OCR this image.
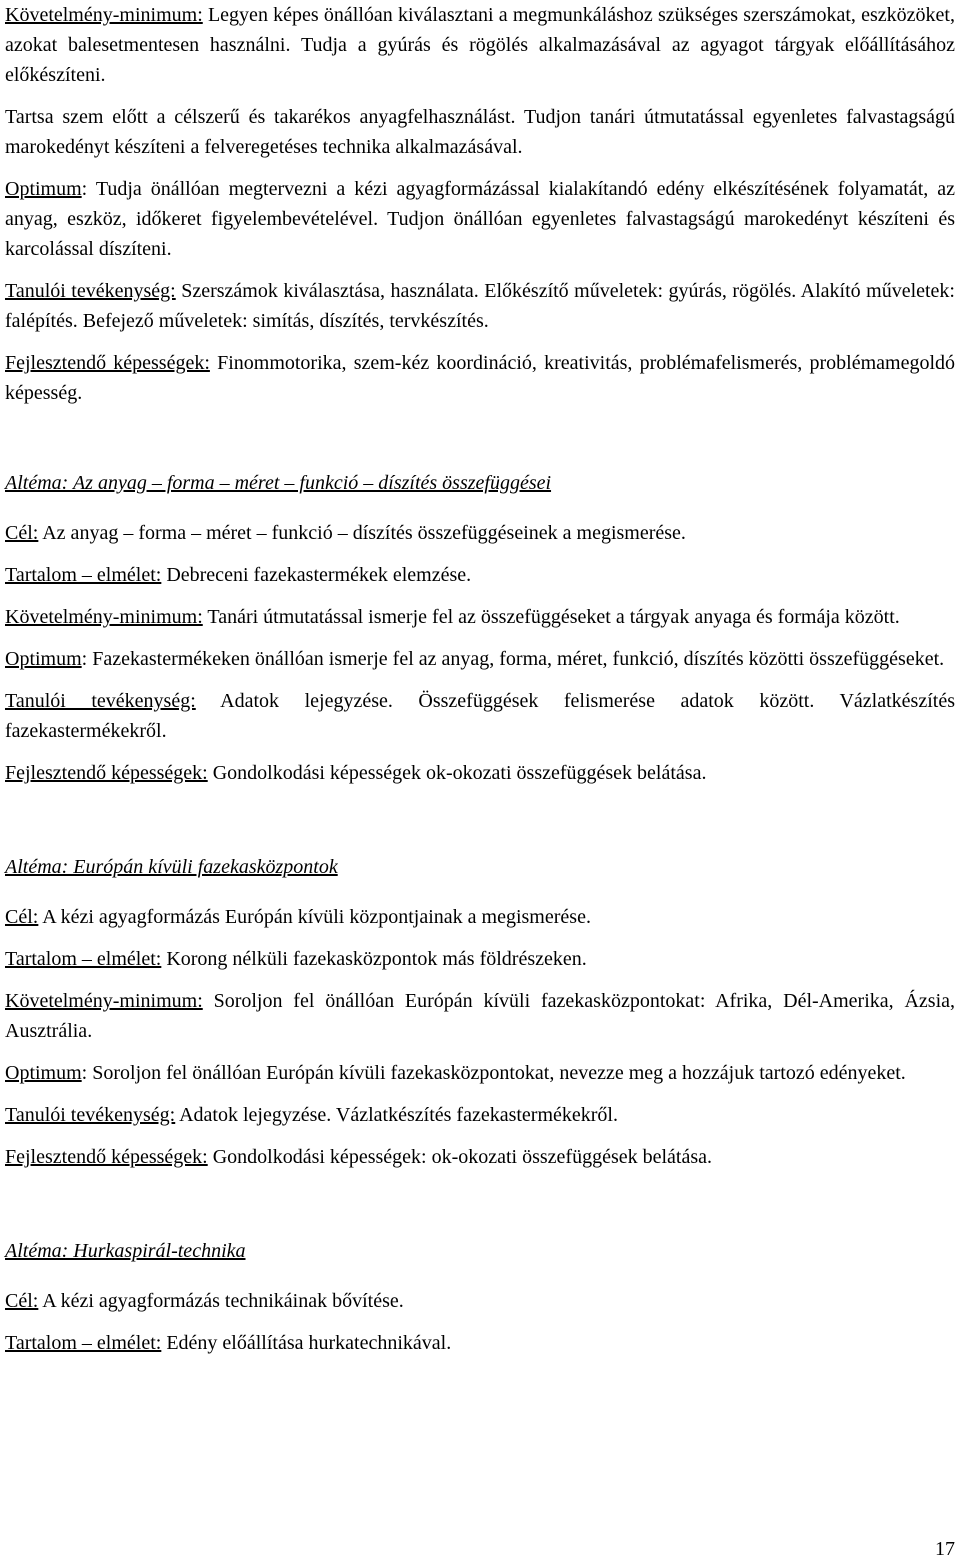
Követelmény-minimum: Legyen képes önállóan kiválasztani a megmunkáláshoz szükséges szerszámokat, eszközöket, azokat balesetmentesen használni. Tudja a gyúrás és rögölés alkalmazásával az agyagot tárgyak előállításához előkészíteni.

Tartsa szem előtt a célszerű és takarékos anyagfelhasználást. Tudjon tanári útmutatással egyenletes falvastagságú marokedényt készíteni a felveregetéses technika alkalmazásával.

Optimum: Tudja önállóan megtervezni a kézi agyagformázással kialakítandó edény elkészítésének folyamatát, az anyag, eszköz, időkeret figyelembevételével. Tudjon önállóan egyenletes falvastagságú marokedényt készíteni és karcolással díszíteni.

Tanulói tevékenység: Szerszámok kiválasztása, használata. Előkészítő műveletek: gyúrás, rögölés. Alakító műveletek: falépítés. Befejező műveletek: simítás, díszítés, tervkészítés.

Fejlesztendő képességek: Finommotorika, szem-kéz koordináció, kreativitás, problémafelismerés, problémamegoldó képesség.

Altéma: Az anyag – forma – méret – funkció – díszítés összefüggései

Cél: Az anyag – forma – méret – funkció – díszítés összefüggéseinek a megismerése.

Tartalom – elmélet: Debreceni fazekastermékek elemzése.

Követelmény-minimum: Tanári útmutatással ismerje fel az összefüggéseket a tárgyak anyaga és formája között.

Optimum: Fazekastermékeken önállóan ismerje fel az anyag, forma, méret, funkció, díszítés közötti összefüggéseket.

Tanulói tevékenység: Adatok lejegyzése. Összefüggések felismerése adatok között. Vázlatkészítés fazekastermékekről.

Fejlesztendő képességek: Gondolkodási képességek ok-okozati összefüggések belátása.

Altéma: Európán kívüli fazekasközpontok

Cél: A kézi agyagformázás Európán kívüli központjainak a megismerése.

Tartalom – elmélet: Korong nélküli fazekasközpontok más földrészeken.

Követelmény-minimum: Soroljon fel önállóan Európán kívüli fazekasközpontokat: Afrika, Dél-Amerika, Ázsia, Ausztrália.

Optimum: Soroljon fel önállóan Európán kívüli fazekasközpontokat, nevezze meg a hozzájuk tartozó edényeket.

Tanulói tevékenység: Adatok lejegyzése. Vázlatkészítés fazekastermékekről.

Fejlesztendő képességek: Gondolkodási képességek: ok-okozati összefüggések belátása.

Altéma: Hurkaspirál-technika

Cél: A kézi agyagformázás technikáinak bővítése.

Tartalom – elmélet: Edény előállítása hurkatechnikával.

17
